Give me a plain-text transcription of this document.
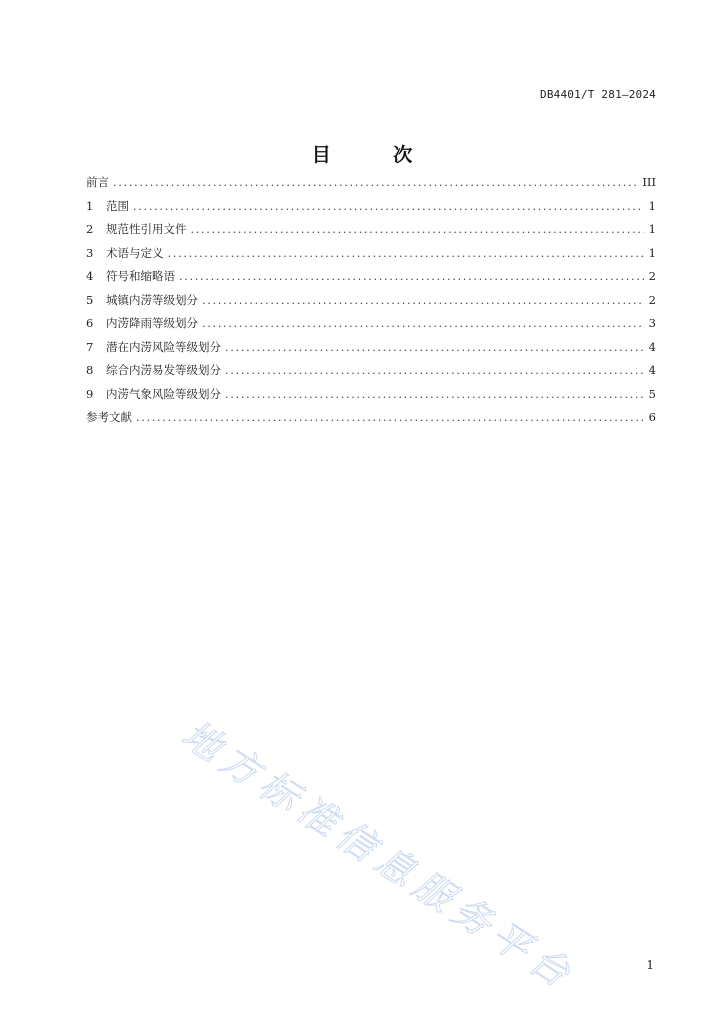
DB4401/T 281—2024
目 次
前言 .....	III
1	范围 .....	1
2	规范性引用文件 .....	1
3	术语与定义 .....	1
4	符号和缩略语 .....	2
5	城镇内涝等级划分 .....	2
6	内涝降雨等级划分 .....	3
7	潜在内涝风险等级划分 .....	4
8	综合内涝易发等级划分 .....	4
9	内涝气象风险等级划分 .....	5
参考文献 .....	6
地方标准信息服务平台	1
